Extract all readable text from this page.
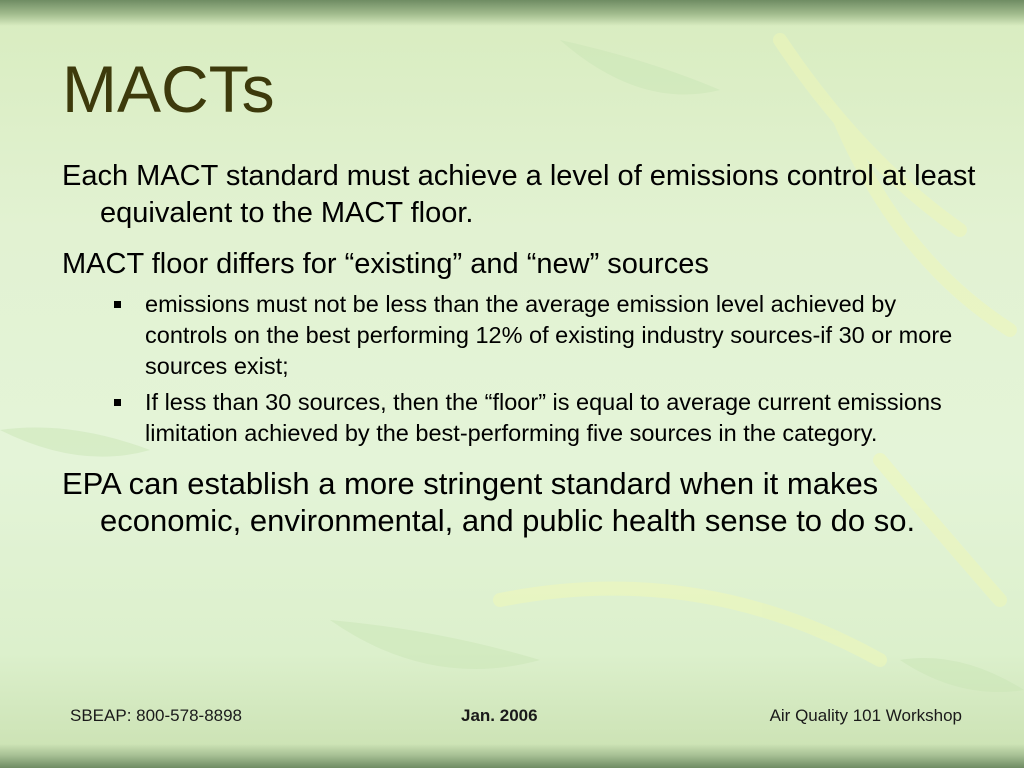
MACTs

Each MACT standard must achieve a level of emissions control at least equivalent to the MACT floor.

MACT floor differs for “existing” and “new” sources

emissions must not be less than the average emission level achieved by controls on the best performing 12% of existing industry sources-if 30 or more sources exist;
If less than 30 sources, then the “floor” is equal to average current emissions limitation achieved by the best-performing five sources in the category.

EPA can establish a more stringent standard when it makes economic, environmental, and public health sense to do so.

SBEAP: 800-578-8898	Jan. 2006	Air Quality 101 Workshop
